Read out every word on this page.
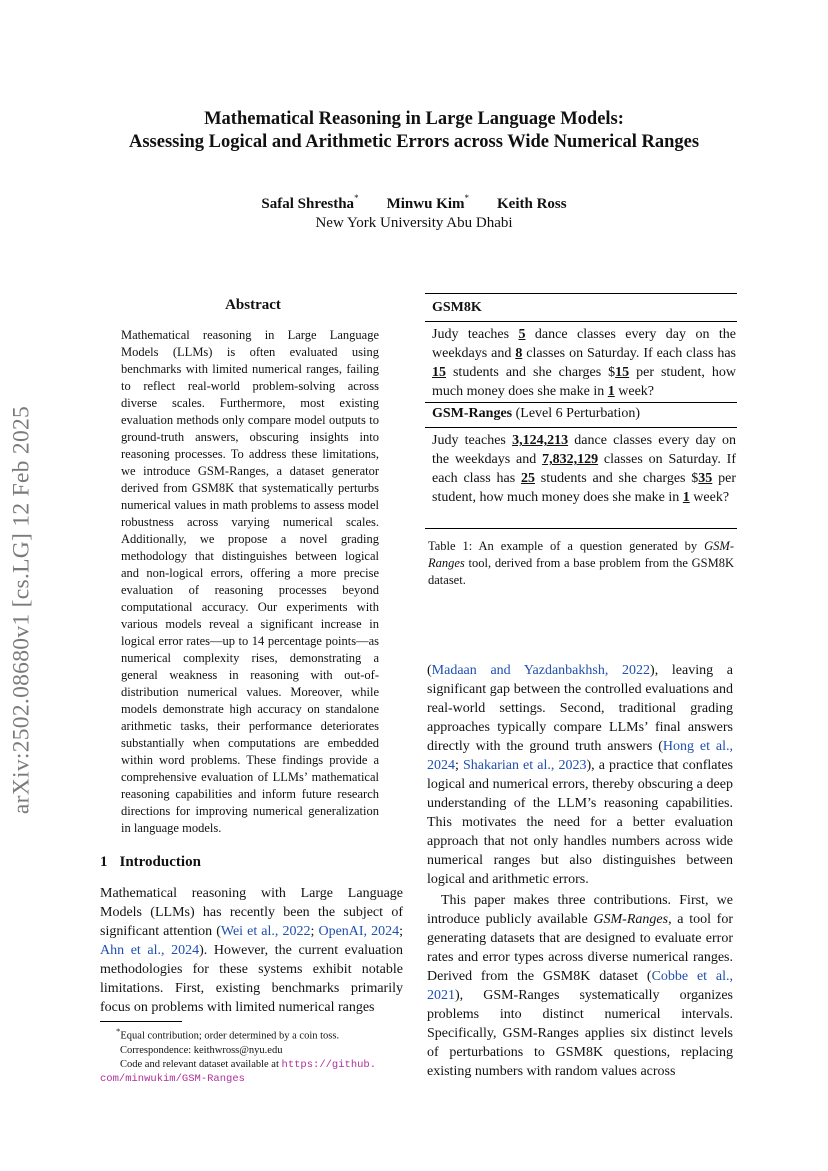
arXiv:2502.08680v1 [cs.LG] 12 Feb 2025
Mathematical Reasoning in Large Language Models:
Assessing Logical and Arithmetic Errors across Wide Numerical Ranges
Safal Shrestha* Minwu Kim* Keith Ross
New York University Abu Dhabi
Abstract
Mathematical reasoning in Large Language Models (LLMs) is often evaluated using benchmarks with limited numerical ranges, failing to reflect real-world problem-solving across diverse scales. Furthermore, most existing evaluation methods only compare model outputs to ground-truth answers, obscuring insights into reasoning processes. To address these limitations, we introduce GSM-Ranges, a dataset generator derived from GSM8K that systematically perturbs numerical values in math problems to assess model robustness across varying numerical scales. Additionally, we propose a novel grading methodology that distinguishes between logical and non-logical errors, offering a more precise evaluation of reasoning processes beyond computational accuracy. Our experiments with various models reveal a significant increase in logical error rates—up to 14 percentage points—as numerical complexity rises, demonstrating a general weakness in reasoning with out-of-distribution numerical values. Moreover, while models demonstrate high accuracy on standalone arithmetic tasks, their performance deteriorates substantially when computations are embedded within word problems. These findings provide a comprehensive evaluation of LLMs’ mathematical reasoning capabilities and inform future research directions for improving numerical generalization in language models.
1 Introduction
Mathematical reasoning with Large Language Models (LLMs) has recently been the subject of significant attention (Wei et al., 2022; OpenAI, 2024; Ahn et al., 2024). However, the current evaluation methodologies for these systems exhibit notable limitations. First, existing benchmarks primarily focus on problems with limited numerical ranges
*Equal contribution; order determined by a coin toss.
Correspondence: keithwross@nyu.edu
Code and relevant dataset available at https://github.
com/minwukim/GSM-Ranges
GSM8K
Judy teaches 5 dance classes every day on the weekdays and 8 classes on Saturday. If each class has 15 students and she charges $15 per student, how much money does she make in 1 week?
GSM-Ranges (Level 6 Perturbation)
Judy teaches 3,124,213 dance classes every day on the weekdays and 7,832,129 classes on Saturday. If each class has 25 students and she charges $35 per student, how much money does she make in 1 week?
Table 1: An example of a question generated by GSM-Ranges tool, derived from a base problem from the GSM8K dataset.
(Madaan and Yazdanbakhsh, 2022), leaving a significant gap between the controlled evaluations and real-world settings. Second, traditional grading approaches typically compare LLMs’ final answers directly with the ground truth answers (Hong et al., 2024; Shakarian et al., 2023), a practice that conflates logical and numerical errors, thereby obscuring a deep understanding of the LLM’s reasoning capabilities. This motivates the need for a better evaluation approach that not only handles numbers across wide numerical ranges but also distinguishes between logical and arithmetic errors.
This paper makes three contributions. First, we introduce publicly available GSM-Ranges, a tool for generating datasets that are designed to evaluate error rates and error types across diverse numerical ranges. Derived from the GSM8K dataset (Cobbe et al., 2021), GSM-Ranges systematically organizes problems into distinct numerical intervals. Specifically, GSM-Ranges applies six distinct levels of perturbations to GSM8K questions, replacing existing numbers with random values across
